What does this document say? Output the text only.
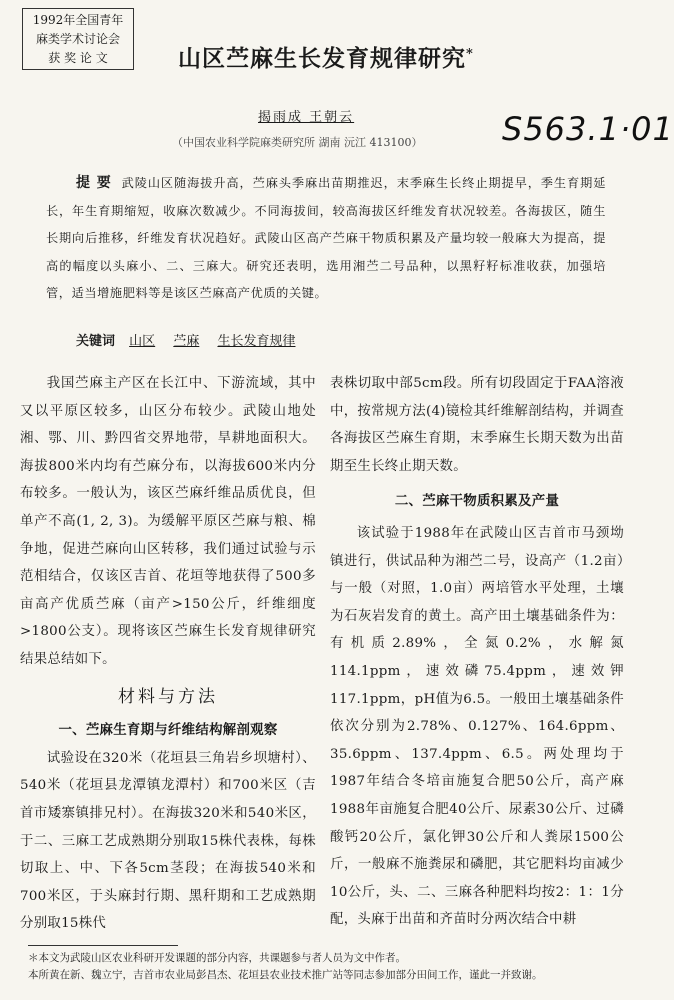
1992年全国青年
麻类学术讨论会
获 奖 论 文	山区苎麻生长发育规律研究*
揭雨成 王朝云
（中国农业科学院麻类研究所 湖南 沅江 413100） S563.1·01
提 要 武陵山区随海拔升高，苎麻头季麻出苗期推迟，末季麻生长终止期提早，季生育期延长，年生育期缩短，收麻次数减少。不同海拔间，较高海拔区纤维发育状况较差。各海拔区，随生长期向后推移，纤维发育状况趋好。武陵山区高产苎麻干物质积累及产量均较一般麻大为提高，提高的幅度以头麻小、二、三麻大。研究还表明，选用湘苎二号品种，以黑籽籽标准收获，加强培管，适当增施肥料等是该区苎麻高产优质的关键。
关键词 山区 苎麻 生长发育规律

我国苎麻主产区在长江中、下游流域，其中又以平原区较多，山区分布较少。武陵山地处湘、鄂、川、黔四省交界地带，旱耕地面积大。海拔800米内均有苎麻分布，以海拔600米内分布较多。一般认为，该区苎麻纤维品质优良，但单产不高(1, 2, 3)。为缓解平原区苎麻与粮、棉争地，促进苎麻向山区转移，我们通过试验与示范相结合，仅该区吉首、花垣等地获得了500多亩高产优质苎麻（亩产>150公斤，纤维细度>1800公支）。现将该区苎麻生长发育规律研究结果总结如下。

材料与方法

一、苎麻生育期与纤维结构解剖观察

试验设在320米（花垣县三角岩乡坝塘村）、540米（花垣县龙潭镇龙潭村）和700米区（吉首市矮寨镇排兄村）。在海拔320米和540米区，于二、三麻工艺成熟期分别取15株代表株，每株切取上、中、下各5cm茎段；在海拔540米和700米区，于头麻封行期、黑秆期和工艺成熟期分别取15株代

表株切取中部5cm段。所有切段固定于FAA溶液中，按常规方法(4)镜检其纤维解剖结构，并调查各海拔区苎麻生育期，末季麻生长期天数为出苗期至生长终止期天数。

二、苎麻干物质积累及产量

该试验于1988年在武陵山区吉首市马颈坳镇进行，供试品种为湘苎二号，设高产（1.2亩）与一般（对照，1.0亩）两培管水平处理，土壤为石灰岩发育的黄土。高产田土壤基础条件为：有机质2.89%，全氮0.2%，水解氮114.1ppm，速效磷75.4ppm，速效钾117.1ppm，pH值为6.5。一般田土壤基础条件依次分别为2.78%、0.127%、164.6ppm、35.6ppm、137.4ppm、6.5。两处理均于1987年结合冬培亩施复合肥50公斤，高产麻1988年亩施复合肥40公斤、尿素30公斤、过磷酸钙20公斤，氯化钾30公斤和人粪尿1500公斤，一般麻不施粪尿和磷肥，其它肥料均亩减少10公斤，头、二、三麻各种肥料均按2：1：1分配，头麻于出苗和齐苗时分两次结合中耕

＊本文为武陵山区农业科研开发课题的部分内容，共课题参与者人员为文中作者。
本所黄在新、魏立宁，吉首市农业局彭昌杰、花垣县农业技术推广站等同志参加部分田间工作，谨此一并致谢。
